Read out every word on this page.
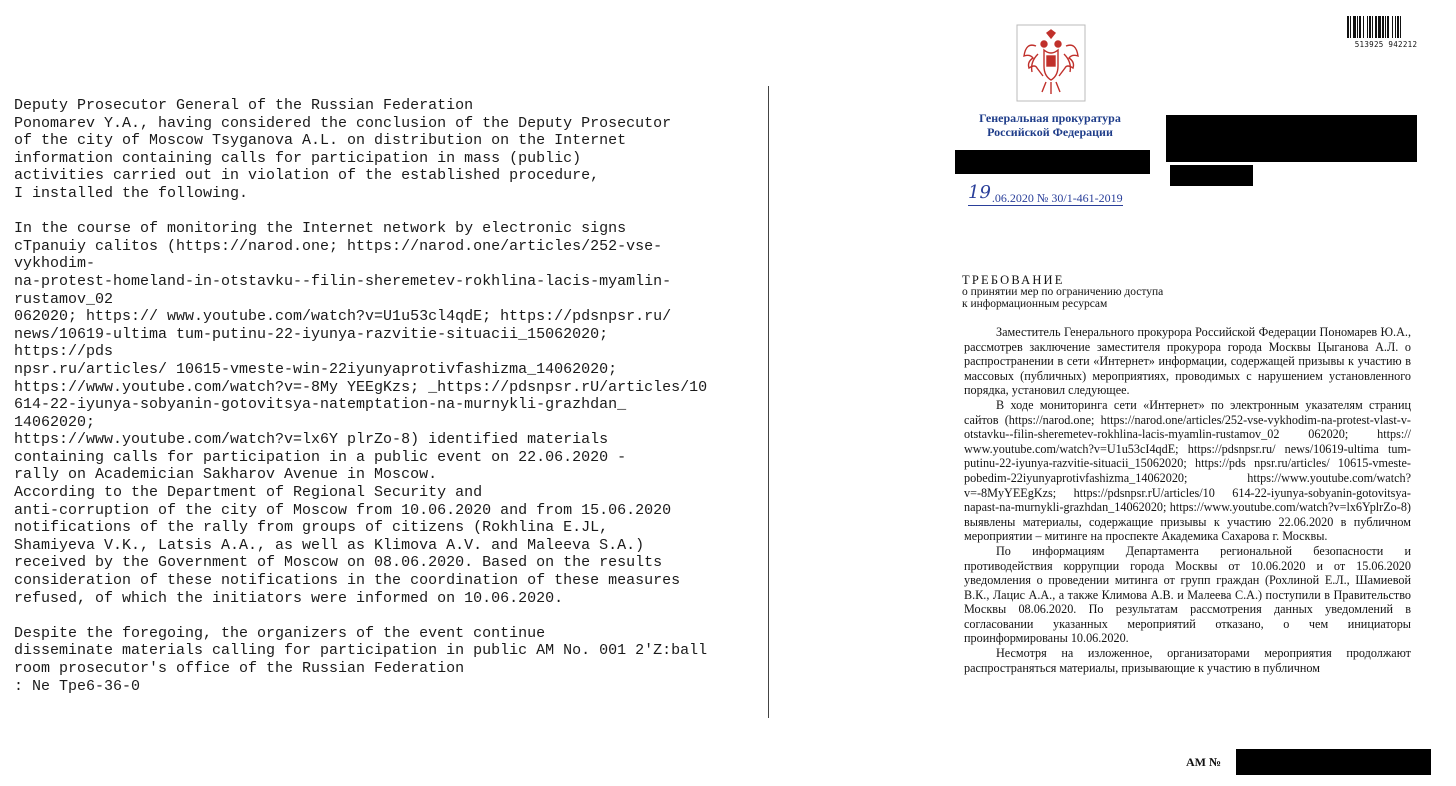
Deputy Prosecutor General of the Russian Federation
Ponomarev Y.A., having considered the conclusion of the Deputy Prosecutor
of the city of Moscow Tsyganova A.L. on distribution on the Internet
information containing calls for participation in mass (public)
activities carried out in violation of the established procedure,
I installed the following.
In the course of monitoring the Internet network by electronic signs
сТpanuiy calitos (https://narod.one; https://narod.one/articles/252-vse-
vykhodim-
na-protest-homeland-in-otstavku--filin-sheremetev-rokhlina-lacis-myamlin-
rustamov_02
062020; https:// www.youtube.com/watch?v=U1u53cl4qdE; https://pdsnpsr.ru/
news/10619-ultima tum-putinu-22-iyunya-razvitie-situacii_15062020;
https://pds
npsr.ru/articles/ 10615-vmeste-win-22iyunyaprotivfashizma_14062020;
https://www.youtube.com/watch?v=-8My YEEgKzs; _https://pdsnpsr.rU/articles/10
614-22-iyunya-sobyanin-gotovitsya-natemptation-na-murnykli-grazhdan_
14062020;
https://www.youtube.com/watch?v=lx6Y plrZo-8) identified materials
containing calls for participation in a public event on 22.06.2020 -
rally on Academician Sakharov Avenue in Moscow.
According to the Department of Regional Security and
anti-corruption of the city of Moscow from 10.06.2020 and from 15.06.2020
notifications of the rally from groups of citizens (Rokhlina E.JL,
Shamiyeva V.K., Latsis A.A., as well as Klimova A.V. and Maleeva S.A.)
received by the Government of Moscow on 08.06.2020. Based on the results
consideration of these notifications in the coordination of these measures
refused, of which the initiators were informed on 10.06.2020.
Despite the foregoing, the organizers of the event continue
disseminate materials calling for participation in public AM No. 001 2'Z:ball
room prosecutor's office of the Russian Federation
: Ne Тре6-36-0
Генеральная прокуратура
Российской Федерации
513925 942212
19.06.2020 № 30/1-461-2019
ТРЕБОВАНИЕ
о принятии мер по ограничению доступа
к информационным ресурсам

Заместитель Генерального прокурора Российской Федерации Пономарев Ю.А., рассмотрев заключение заместителя прокурора города Москвы Цыганова А.Л. о распространении в сети «Интернет» информации, содержащей призывы к участию в массовых (публичных) мероприятиях, проводимых с нарушением установленного порядка, установил следующее.

В ходе мониторинга сети «Интернет» по электронным указателям страниц сайтов (https://narod.one; https://narod.one/articles/252-vse-vykhodim-na-protest-vlast-v-otstavku--filin-sheremetev-rokhlina-lacis-myamlin-rustamov_02 062020; https:// www.youtube.com/watch?v=U1u53cI4qdE; https://pdsnpsr.ru/ news/10619-ultima tum-putinu-22-iyunya-razvitie-situacii_15062020; https://pds npsr.ru/articles/ 10615-vmeste-pobedim-22iyunyaprotivfashizma_14062020; https://www.youtube.com/watch?v=-8MyYEEgKzs; https://pdsnpsr.rU/articles/10 614-22-iyunya-sobyanin-gotovitsya-napast-na-murnykli-grazhdan_14062020; https://www.youtube.com/watch?v=lx6YplrZo-8) выявлены материалы, содержащие призывы к участию 22.06.2020 в публичном мероприятии – митинге на проспекте Академика Сахарова г. Москвы.

По информациям Департамента региональной безопасности и противодействия коррупции города Москвы от 10.06.2020 и от 15.06.2020 уведомления о проведении митинга от групп граждан (Рохлиной Е.Л., Шамиевой В.К., Лацис А.А., а также Климова А.В. и Малеева С.А.) поступили в Правительство Москвы 08.06.2020. По результатам рассмотрения данных уведомлений в согласовании указанных мероприятий отказано, о чем инициаторы проинформированы 10.06.2020.

Несмотря на изложенное, организаторами мероприятия продолжают распространяться материалы, призывающие к участию в публичном

АМ №
